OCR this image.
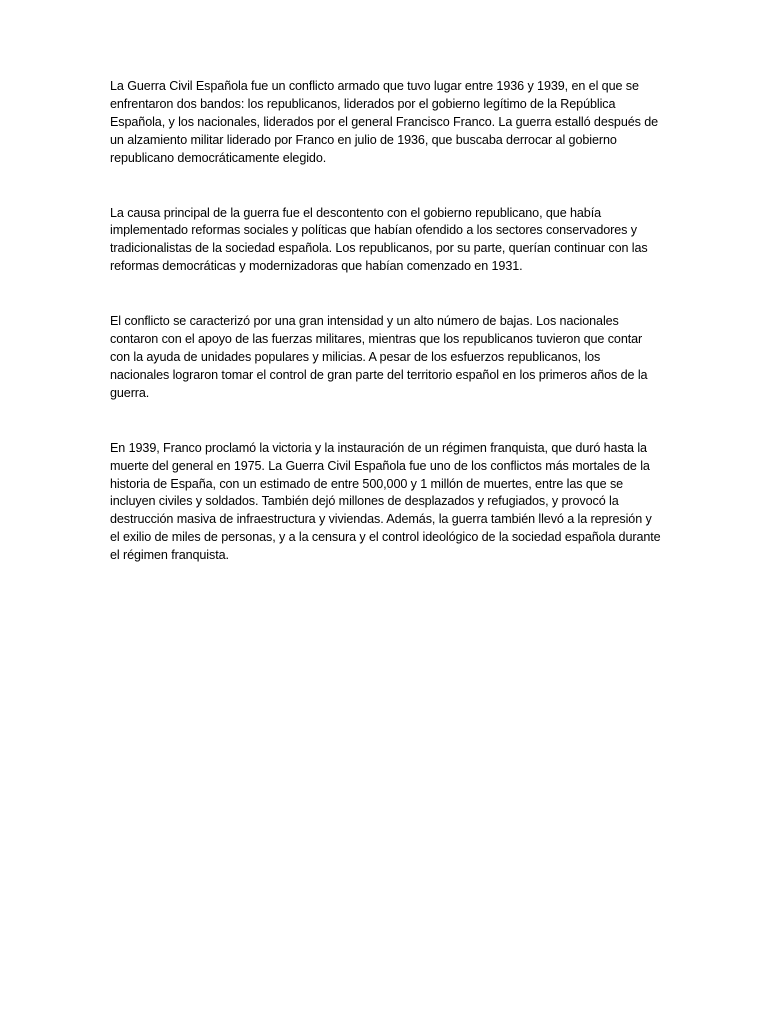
La Guerra Civil Española fue un conflicto armado que tuvo lugar entre 1936 y 1939, en el que se enfrentaron dos bandos: los republicanos, liderados por el gobierno legítimo de la República Española, y los nacionales, liderados por el general Francisco Franco. La guerra estalló después de un alzamiento militar liderado por Franco en julio de 1936, que buscaba derrocar al gobierno republicano democráticamente elegido.

La causa principal de la guerra fue el descontento con el gobierno republicano, que había implementado reformas sociales y políticas que habían ofendido a los sectores conservadores y tradicionalistas de la sociedad española. Los republicanos, por su parte, querían continuar con las reformas democráticas y modernizadoras que habían comenzado en 1931.

El conflicto se caracterizó por una gran intensidad y un alto número de bajas. Los nacionales contaron con el apoyo de las fuerzas militares, mientras que los republicanos tuvieron que contar con la ayuda de unidades populares y milicias. A pesar de los esfuerzos republicanos, los nacionales lograron tomar el control de gran parte del territorio español en los primeros años de la guerra.

En 1939, Franco proclamó la victoria y la instauración de un régimen franquista, que duró hasta la muerte del general en 1975. La Guerra Civil Española fue uno de los conflictos más mortales de la historia de España, con un estimado de entre 500,000 y 1 millón de muertes, entre las que se incluyen civiles y soldados. También dejó millones de desplazados y refugiados, y provocó la destrucción masiva de infraestructura y viviendas. Además, la guerra también llevó a la represión y el exilio de miles de personas, y a la censura y el control ideológico de la sociedad española durante el régimen franquista.
